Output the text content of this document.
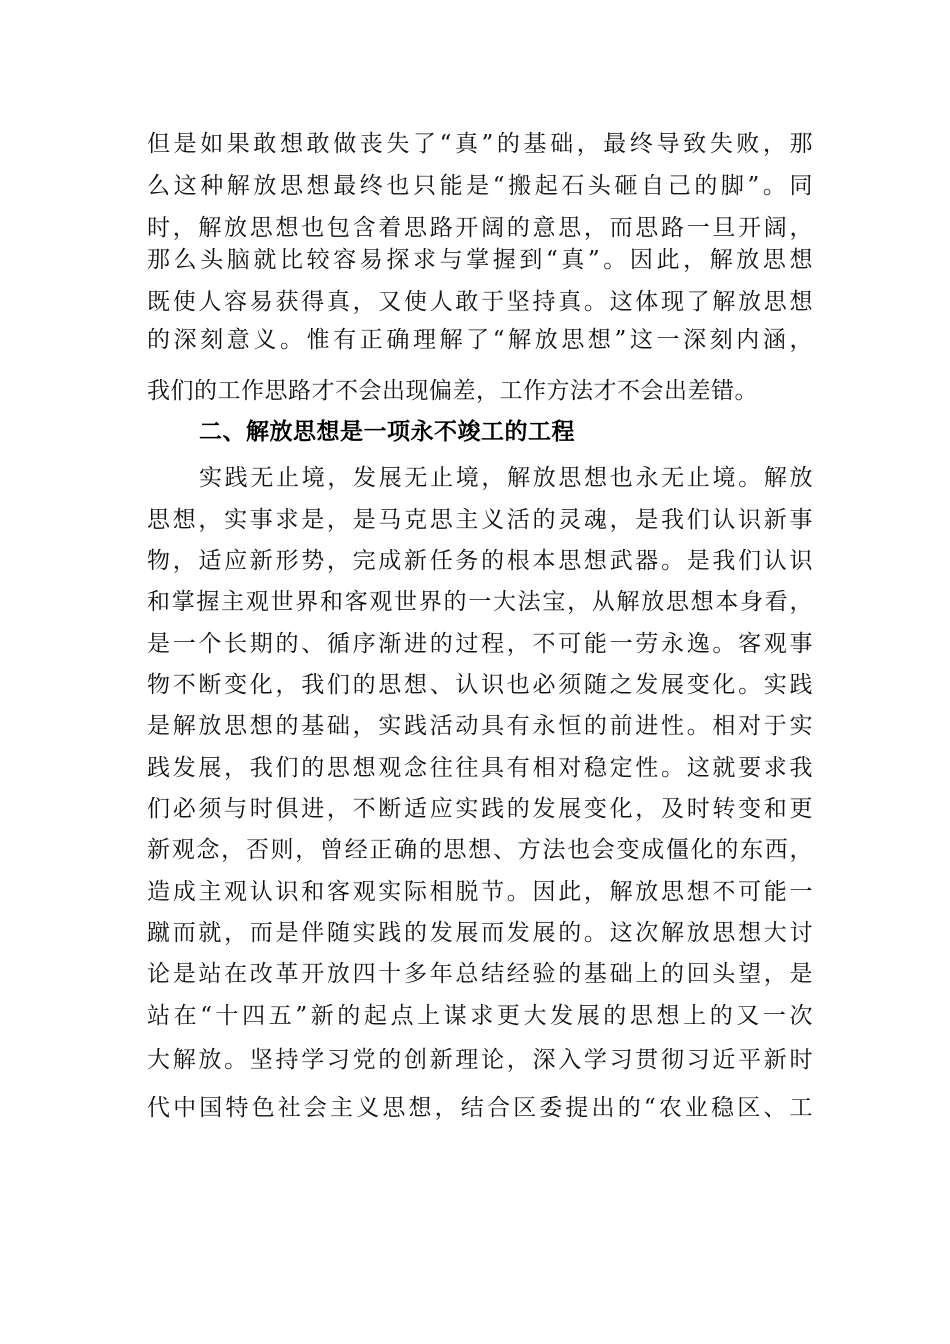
但是如果敢想敢做丧失了“真”的基础，最终导致失败，那
么这种解放思想最终也只能是“搬起石头砸自己的脚”。同
时，解放思想也包含着思路开阔的意思，而思路一旦开阔，
那么头脑就比较容易探求与掌握到“真”。因此，解放思想
既使人容易获得真，又使人敢于坚持真。这体现了解放思想
的深刻意义。惟有正确理解了“解放思想”这一深刻内涵，
我们的工作思路才不会出现偏差，工作方法才不会出差错。
二、解放思想是一项永不竣工的工程
实践无止境，发展无止境，解放思想也永无止境。解放
思想，实事求是，是马克思主义活的灵魂，是我们认识新事
物，适应新形势，完成新任务的根本思想武器。是我们认识
和掌握主观世界和客观世界的一大法宝，从解放思想本身看，
是一个长期的、循序渐进的过程，不可能一劳永逸。客观事
物不断变化，我们的思想、认识也必须随之发展变化。实践
是解放思想的基础，实践活动具有永恒的前进性。相对于实
践发展，我们的思想观念往往具有相对稳定性。这就要求我
们必须与时俱进，不断适应实践的发展变化，及时转变和更
新观念，否则，曾经正确的思想、方法也会变成僵化的东西，
造成主观认识和客观实际相脱节。因此，解放思想不可能一
蹴而就，而是伴随实践的发展而发展的。这次解放思想大讨
论是站在改革开放四十多年总结经验的基础上的回头望，是
站在“十四五”新的起点上谋求更大发展的思想上的又一次
大解放。坚持学习党的创新理论，深入学习贯彻习近平新时
代中国特色社会主义思想，结合区委提出的“农业稳区、工
